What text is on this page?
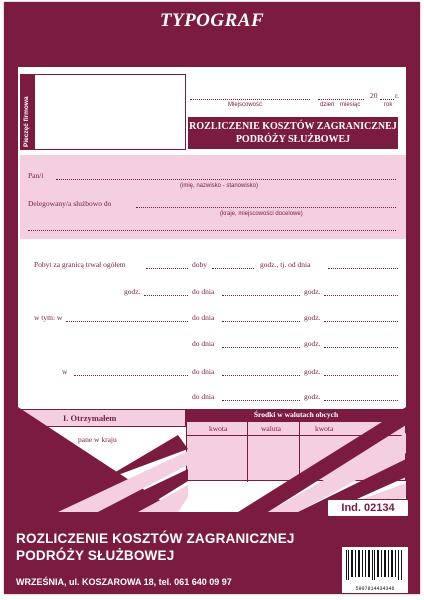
TYPOGRAF
Pieczęć firmowa	Miejscowość	dzień miesiąc
20 r.
rok
ROZLICZENIE KOSZTÓW ZAGRANICZNEJ
PODRÓŻY SŁUŻBOWEJ
Pan/i
(imię, nazwisko - stanowisko)
Delegowany/a służbowo do
(kraje, miejscowości docelowe)
Pobyt za granicą trwał ogółem	doby	godz., tj. od dnia
godz.	do dnia	godz.
w tym: w	do dnia	godz.
do dnia	godz.
w	do dnia	godz.
do dnia	godz.
I. Otrzymałem
pane w kraju
Środki w walutach obcych
kwota	waluta	kwota
Ind. 02134
ROZLICZENIE KOSZTÓW ZAGRANICZNEJ
PODRÓŻY SŁUŻBOWEJ
WRZEŚNIA, ul. KOSZAROWA 18, tel. 061 640 09 97
5907814434346
